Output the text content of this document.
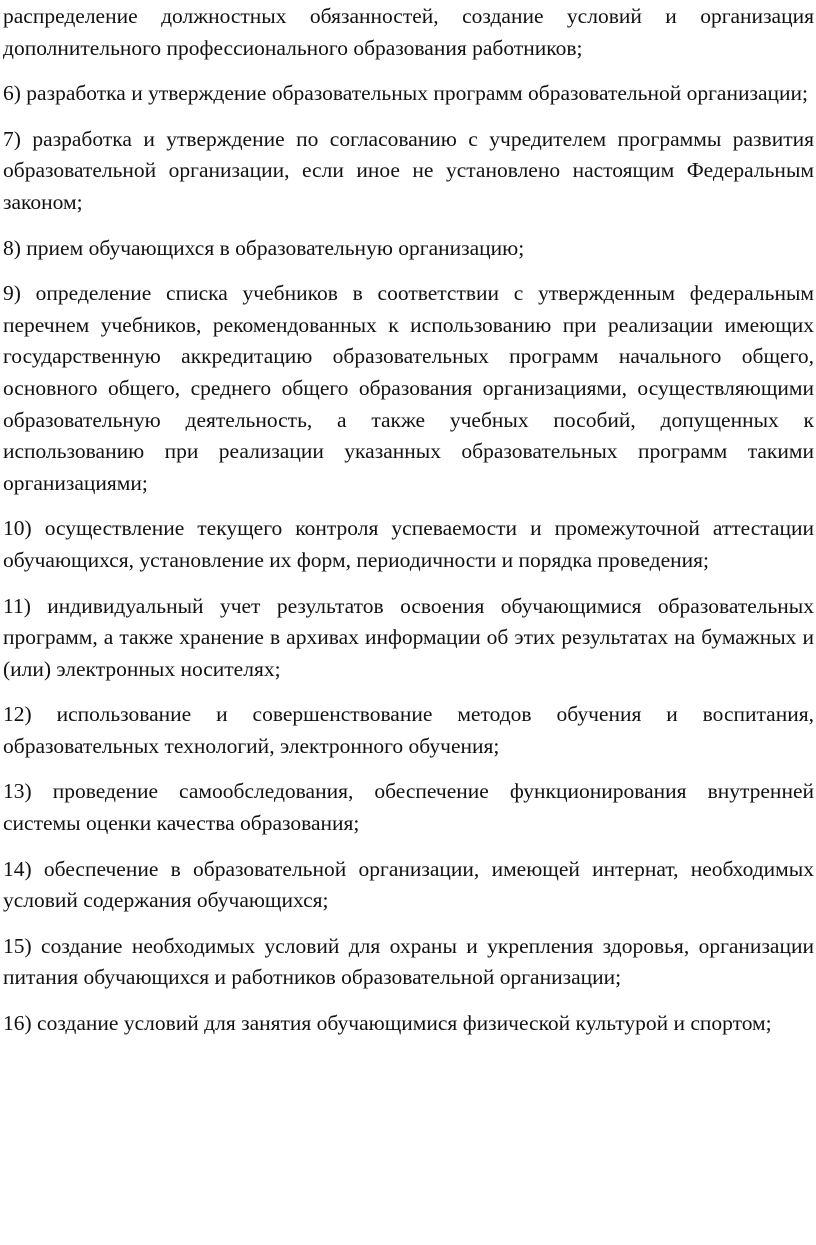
распределение должностных обязанностей, создание условий и организация дополнительного профессионального образования работников;

6) разработка и утверждение образовательных программ образовательной организации;

7) разработка и утверждение по согласованию с учредителем программы развития образовательной организации, если иное не установлено настоящим Федеральным законом;

8) прием обучающихся в образовательную организацию;

9) определение списка учебников в соответствии с утвержденным федеральным перечнем учебников, рекомендованных к использованию при реализации имеющих государственную аккредитацию образовательных программ начального общего, основного общего, среднего общего образования организациями, осуществляющими образовательную деятельность, а также учебных пособий, допущенных к использованию при реализации указанных образовательных программ такими организациями;

10) осуществление текущего контроля успеваемости и промежуточной аттестации обучающихся, установление их форм, периодичности и порядка проведения;

11) индивидуальный учет результатов освоения обучающимися образовательных программ, а также хранение в архивах информации об этих результатах на бумажных и (или) электронных носителях;

12) использование и совершенствование методов обучения и воспитания, образовательных технологий, электронного обучения;

13) проведение самообследования, обеспечение функционирования внутренней системы оценки качества образования;

14) обеспечение в образовательной организации, имеющей интернат, необходимых условий содержания обучающихся;

15) создание необходимых условий для охраны и укрепления здоровья, организации питания обучающихся и работников образовательной организации;

16) создание условий для занятия обучающимися физической культурой и спортом;
